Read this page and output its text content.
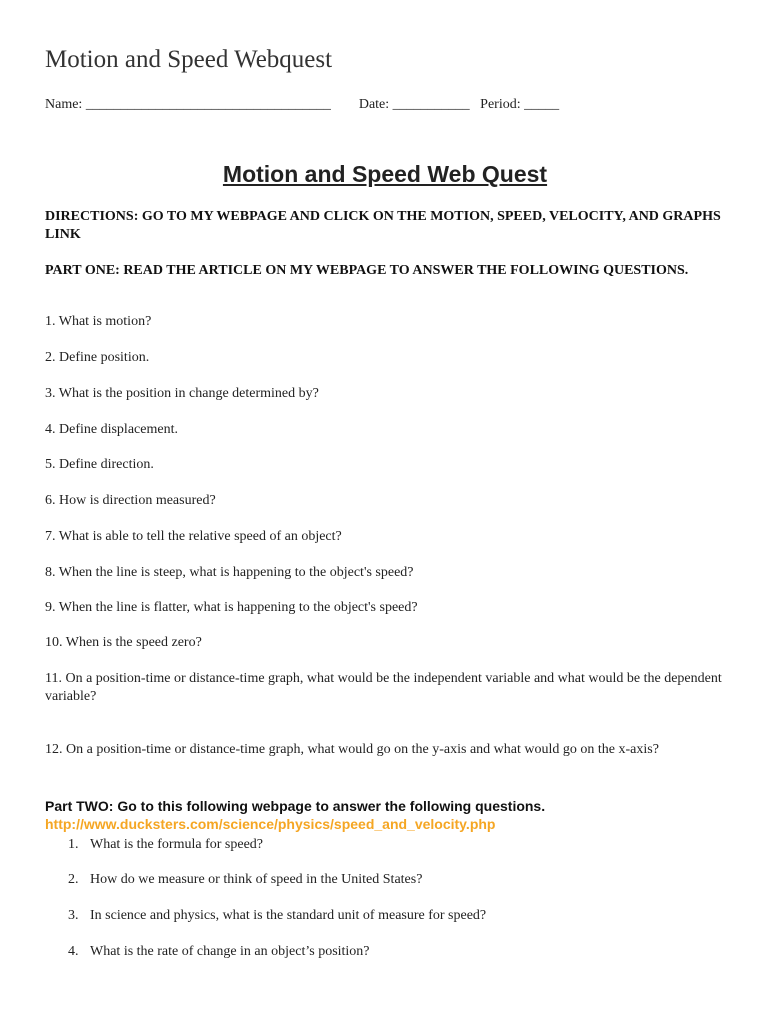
Motion and Speed Webquest
Name: ___________________________________ Date: ___________ Period: _____
Motion and Speed Web Quest
DIRECTIONS: GO TO MY WEBPAGE AND CLICK ON THE MOTION, SPEED, VELOCITY, AND GRAPHS LINK
PART ONE: READ THE ARTICLE ON MY WEBPAGE TO ANSWER THE FOLLOWING QUESTIONS.
1. What is motion?
2. Define position.
3. What is the position in change determined by?
4. Define displacement.
5. Define direction.
6. How is direction measured?
7. What is able to tell the relative speed of an object?
8. When the line is steep, what is happening to the object's speed?
9. When the line is flatter, what is happening to the object's speed?
10. When is the speed zero?
11. On a position-time or distance-time graph, what would be the independent variable and what would be the dependent variable?
12. On a position-time or distance-time graph, what would go on the y-axis and what would go on the x-axis?
Part TWO: Go to this following webpage to answer the following questions.
http://www.ducksters.com/science/physics/speed_and_velocity.php
1. What is the formula for speed?
2. How do we measure or think of speed in the United States?
3. In science and physics, what is the standard unit of measure for speed?
4. What is the rate of change in an object’s position?
